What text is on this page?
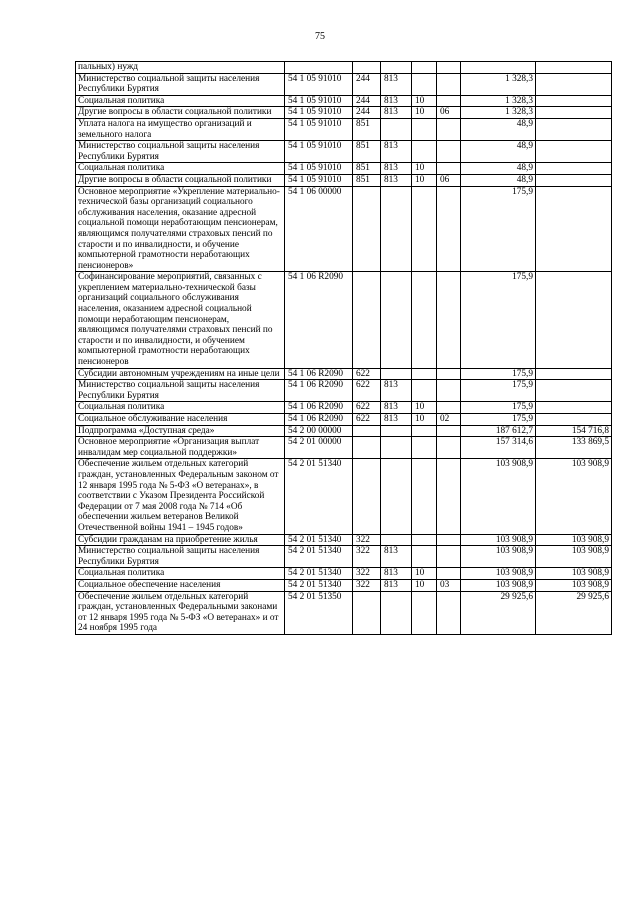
75
пальных) нужд							
Министерство социальной защиты населения Республики Бурятия	54 1 05 91010	244	813			1 328,3	
Социальная политика	54 1 05 91010	244	813	10		1 328,3	
Другие вопросы в области социальной политики	54 1 05 91010	244	813	10	06	1 328,3	
Уплата налога на имущество организаций и земельного налога	54 1 05 91010	851				48,9	
Министерство социальной защиты населения Республики Бурятия	54 1 05 91010	851	813			48,9	
Социальная политика	54 1 05 91010	851	813	10		48,9	
Другие вопросы в области социальной политики	54 1 05 91010	851	813	10	06	48,9	
Основное мероприятие «Укрепление материально-технической базы организаций социального обслуживания населения, оказание адресной социальной помощи неработающим пенсионерам, являющимся получателями страховых пенсий по старости и по инвалидности, и обучение компьютерной грамотности неработающих пенсионеров»	54 1 06 00000					175,9	
Софинансирование мероприятий, связанных с укреплением материально-технической базы организаций социального обслуживания населения, оказанием адресной социальной помощи неработающим пенсионерам, являющимся получателями страховых пенсий по старости и по инвалидности, и обучением компьютерной грамотности неработающих пенсионеров	54 1 06 R2090					175,9	
Субсидии автономным учреждениям на иные цели	54 1 06 R2090	622				175,9	
Министерство социальной защиты населения Республики Бурятия	54 1 06 R2090	622	813			175,9	
Социальная политика	54 1 06 R2090	622	813	10		175,9	
Социальное обслуживание населения	54 1 06 R2090	622	813	10	02	175,9	
Подпрограмма «Доступная среда»	54 2 00 00000					187 612,7	154 716,8
Основное мероприятие «Организация выплат инвалидам мер социальной поддержки»	54 2 01 00000					157 314,6	133 869,5
Обеспечение жильем отдельных категорий граждан, установленных Федеральным законом от 12 января 1995 года № 5-ФЗ «О ветеранах», в соответствии с Указом Президента Российской Федерации от 7 мая 2008 года № 714 «Об обеспечении жильем ветеранов Великой Отечественной войны 1941 – 1945 годов»	54 2 01 51340					103 908,9	103 908,9
Субсидии гражданам на приобретение жилья	54 2 01 51340	322				103 908,9	103 908,9
Министерство социальной защиты населения Республики Бурятия	54 2 01 51340	322	813			103 908,9	103 908,9
Социальная политика	54 2 01 51340	322	813	10		103 908,9	103 908,9
Социальное обеспечение населения	54 2 01 51340	322	813	10	03	103 908,9	103 908,9
Обеспечение жильем отдельных категорий граждан, установленных Федеральными законами от 12 января 1995 года № 5-ФЗ «О ветеранах» и от 24 ноября 1995 года	54 2 01 51350					29 925,6	29 925,6
